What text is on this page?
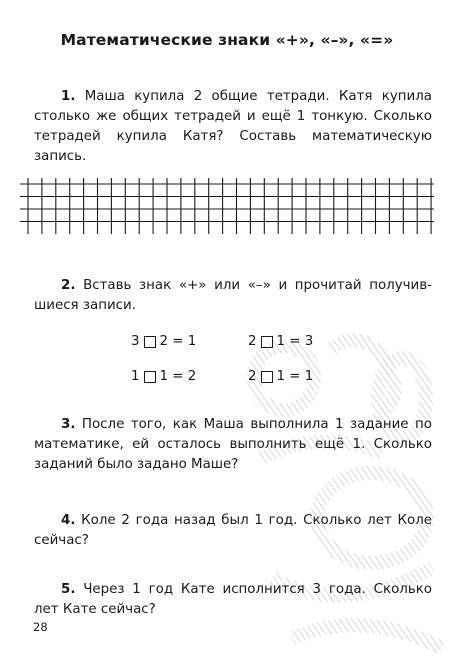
Математические знаки «+», «–», «=»
1. Маша купила 2 общие тетради. Катя купила столько же общих тетрадей и ещё 1 тонкую. Сколько тетрадей купила Катя? Составь математическую запись.
2. Вставь знак «+» или «–» и прочитай получившиеся записи.
3 2 = 1	2 1 = 3
1 1 = 2	2 1 = 1
3. После того, как Маша выполнила 1 задание по математике, ей осталось выполнить ещё 1. Сколько заданий было задано Маше?
4. Коле 2 года назад был 1 год. Сколько лет Коле сейчас?
5. Через 1 год Кате исполнится 3 года. Сколько лет Кате сейчас?
28
